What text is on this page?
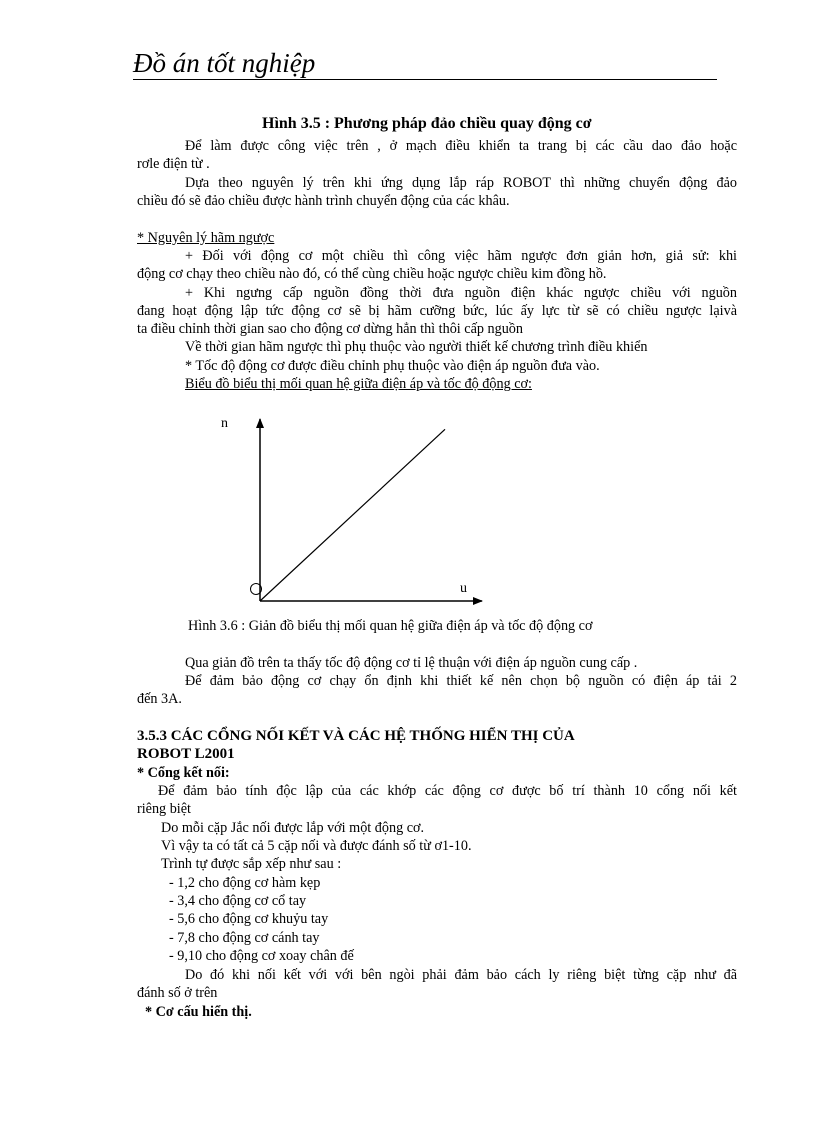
Đồ án tốt nghiệp
Hình 3.5 : Phương pháp đảo chiều quay động cơ
Để làm được công việc trên , ở mạch điều khiển ta trang bị các cầu dao đảo hoặc
rơle điện từ .
Dựa theo nguyên lý trên khi ứng dụng lắp ráp ROBOT thì những chuyển động đảo
chiều đó sẽ đảo chiều được hành trình chuyển động của các khâu.
* Nguyên lý hãm ngược
+ Đối với động cơ một chiều thì công việc hãm ngược đơn giản hơn, giả sử: khi
động cơ chạy theo chiều nào đó, có thể cùng chiều hoặc ngược chiều kim đồng hồ.
+ Khi ngưng cấp nguồn đồng thời đưa nguồn điện khác ngược chiều với nguồn
đang hoạt động lập tức động cơ sẽ bị hãm cưỡng bức, lúc ấy lực từ sẽ có chiều ngược lạivà
ta điều chỉnh thời gian sao cho động cơ dừng hẳn thì thôi cấp nguồn
Về thời gian hãm ngược thì phụ thuộc vào người thiết kế chương trình điều khiển
* Tốc độ động cơ được điều chỉnh phụ thuộc vào điện áp nguồn đưa vào.
Biểu đồ biểu thị mối quan hệ giữa điện áp và tốc độ động cơ:
n
u
Hình 3.6 : Giản đồ biểu thị mối quan hệ giữa điện áp và tốc độ động cơ
Qua giản đồ trên ta thấy tốc độ động cơ tỉ lệ thuận với điện áp nguồn cung cấp .
Để đảm bảo động cơ chạy ổn định khi thiết kế nên chọn bộ nguồn có điện áp tải 2
đến 3A.
3.5.3 CÁC CỔNG NỐI KẾT VÀ CÁC HỆ THỐNG HIỂN THỊ CỦA
ROBOT L2001
* Cổng kết nối:
Để đảm bảo tính độc lập của các khớp các động cơ được bố trí thành 10 cổng nối kết
riêng biệt
Do mỗi cặp Jắc nối được lắp với một động cơ.
Vì vậy ta có tất cả 5 cặp nối và được đánh số từ ơ1-10.
Trình tự được sắp xếp như sau :
- 1,2 cho động cơ hàm kẹp
- 3,4 cho động cơ cổ tay
- 5,6 cho động cơ khuỷu tay
- 7,8 cho động cơ cánh tay
- 9,10 cho động cơ xoay chân đế
Do đó khi nối kết với với bên ngòi phải đảm bảo cách ly riêng biệt từng cặp như đã
đánh số ở trên
* Cơ cấu hiển thị.
